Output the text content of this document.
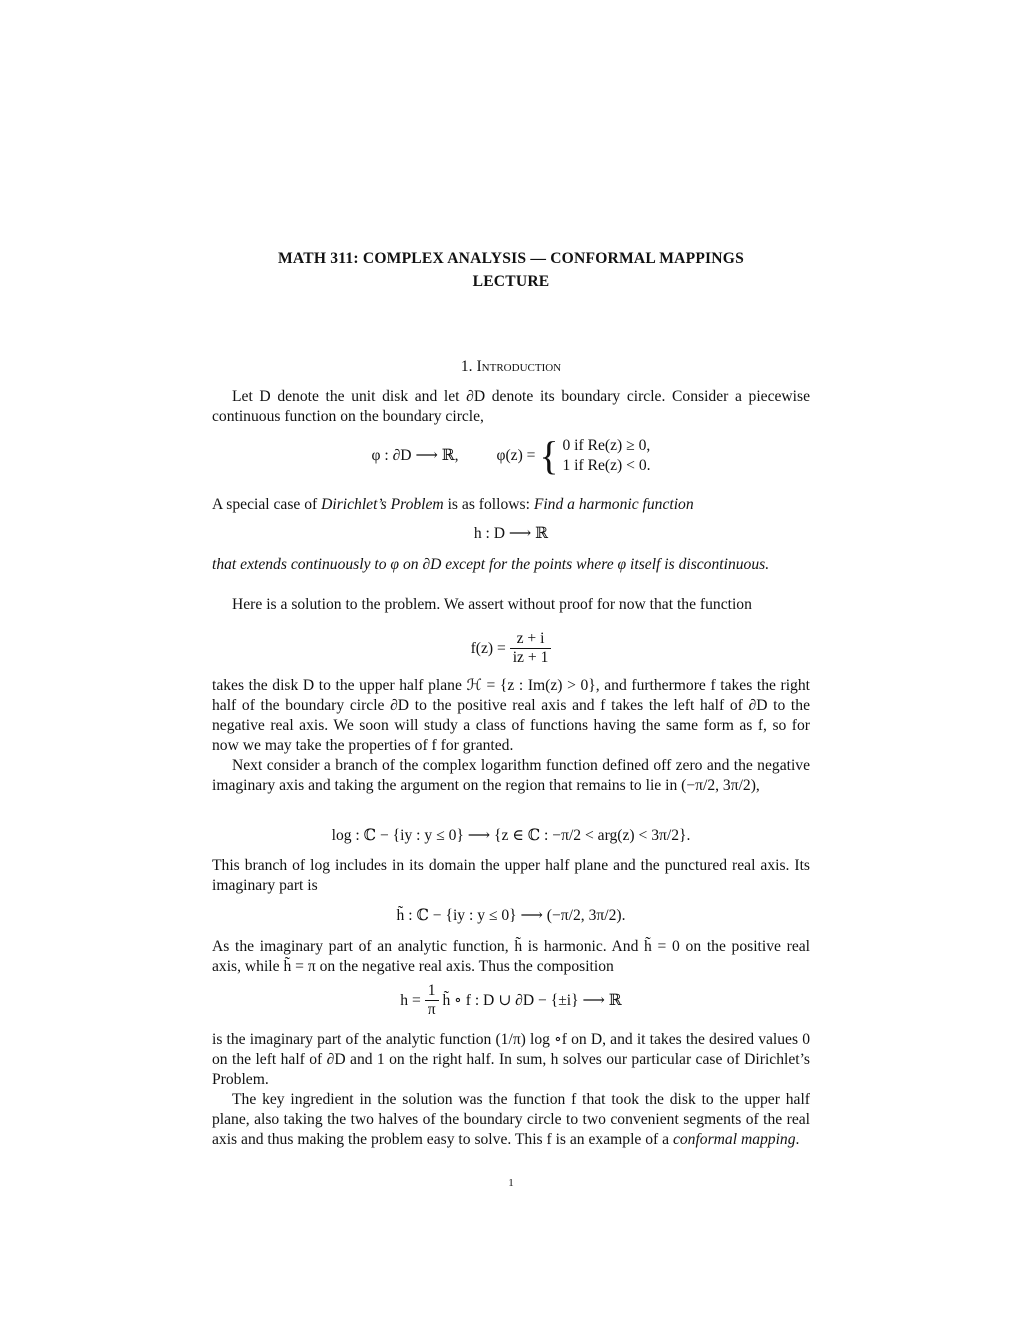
MATH 311: COMPLEX ANALYSIS — CONFORMAL MAPPINGS
LECTURE
1. Introduction
Let D denote the unit disk and let ∂D denote its boundary circle. Consider a piecewise continuous function on the boundary circle,
φ : ∂D ⟶ ℝ, φ(z) = { 0 if Re(z) ≥ 0,
1 if Re(z) < 0.
A special case of Dirichlet’s Problem is as follows: Find a harmonic function
h : D ⟶ ℝ
that extends continuously to φ on ∂D except for the points where φ itself is discontinuous.
Here is a solution to the problem. We assert without proof for now that the function
$f(z) = \frac{z + i}{iz + 1}$
takes the disk D to the upper half plane ℋ = {z : Im(z) > 0}, and furthermore f takes the right half of the boundary circle ∂D to the positive real axis and f takes the left half of ∂D to the negative real axis. We soon will study a class of functions having the same form as f, so for now we may take the properties of f for granted.
Next consider a branch of the complex logarithm function defined off zero and the negative imaginary axis and taking the argument on the region that remains to lie in (−π/2, 3π/2),
log : ℂ − {iy : y ≤ 0} ⟶ {z ∈ ℂ : −π/2 < arg(z) < 3π/2}.
This branch of log includes in its domain the upper half plane and the punctured real axis. Its imaginary part is
h̃ : ℂ − {iy : y ≤ 0} ⟶ (−π/2, 3π/2).
As the imaginary part of an analytic function, h̃ is harmonic. And h̃ = 0 on the positive real axis, while h̃ = π on the negative real axis. Thus the composition
$h = \frac{1}{\pi}$ h̃ ∘ f : D ∪ ∂D − {±i} ⟶ ℝ
is the imaginary part of the analytic function (1/π) log ∘f on D, and it takes the desired values 0 on the left half of ∂D and 1 on the right half. In sum, h solves our particular case of Dirichlet’s Problem.
The key ingredient in the solution was the function f that took the disk to the upper half plane, also taking the two halves of the boundary circle to two convenient segments of the real axis and thus making the problem easy to solve. This f is an example of a conformal mapping.
1
